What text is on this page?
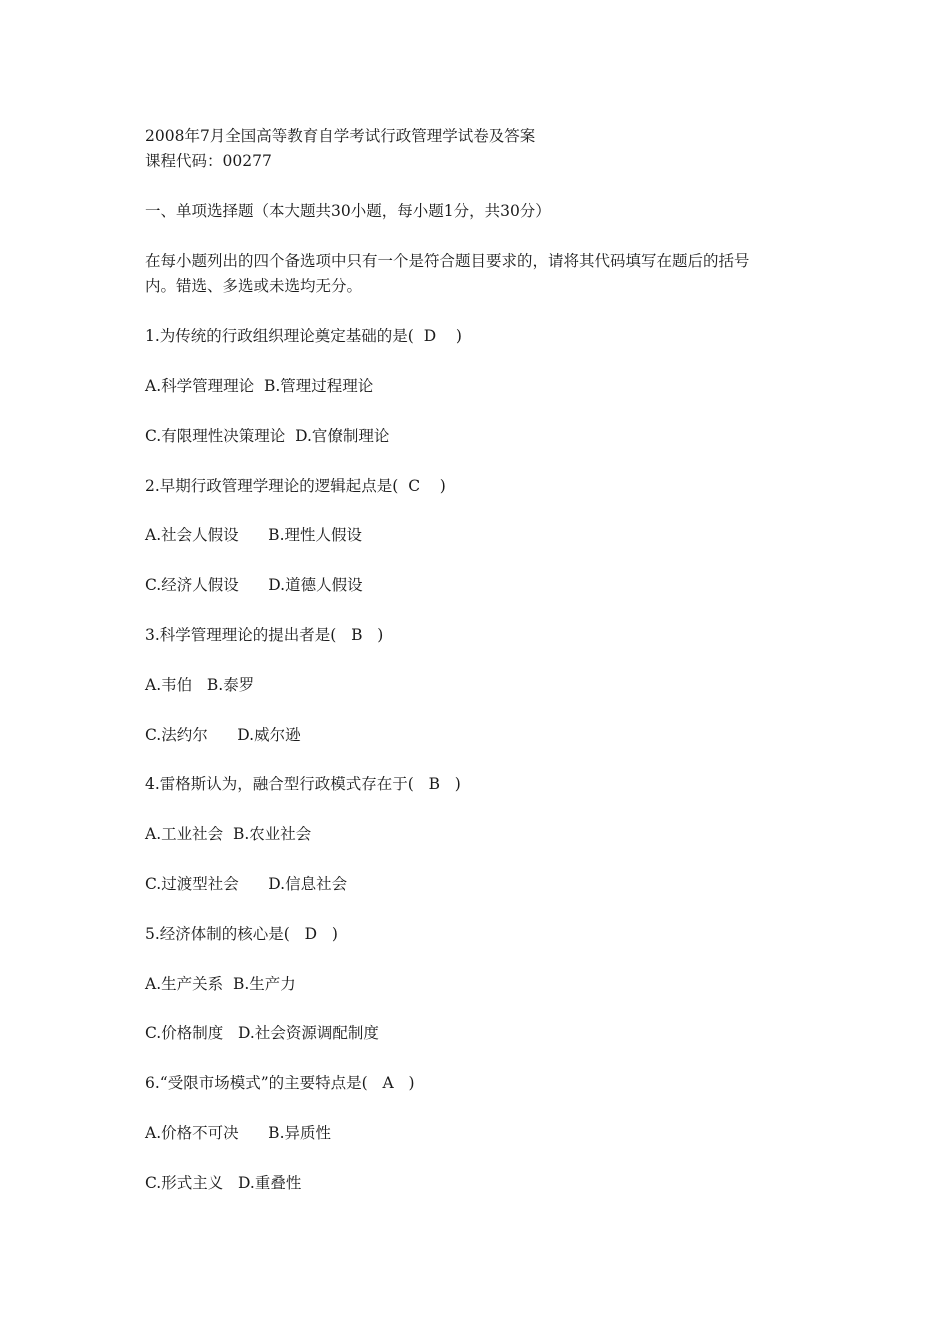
2008年7月全国高等教育自学考试行政管理学试卷及答案
课程代码：00277
一、单项选择题（本大题共30小题，每小题1分，共30分）
在每小题列出的四个备选项中只有一个是符合题目要求的，请将其代码填写在题后的括号
内。错选、多选或未选均无分。
1.为传统的行政组织理论奠定基础的是(  D    )
A.科学管理理论  B.管理过程理论
C.有限理性决策理论  D.官僚制理论
2.早期行政管理学理论的逻辑起点是(  C    )
A.社会人假设      B.理性人假设
C.经济人假设      D.道德人假设
3.科学管理理论的提出者是(   B   )
A.韦伯   B.泰罗
C.法约尔      D.威尔逊
4.雷格斯认为，融合型行政模式存在于(   B   )
A.工业社会  B.农业社会
C.过渡型社会      D.信息社会
5.经济体制的核心是(   D   )
A.生产关系  B.生产力
C.价格制度   D.社会资源调配制度
6.“受限市场模式”的主要特点是(   A   )
A.价格不可决      B.异质性
C.形式主义   D.重叠性
